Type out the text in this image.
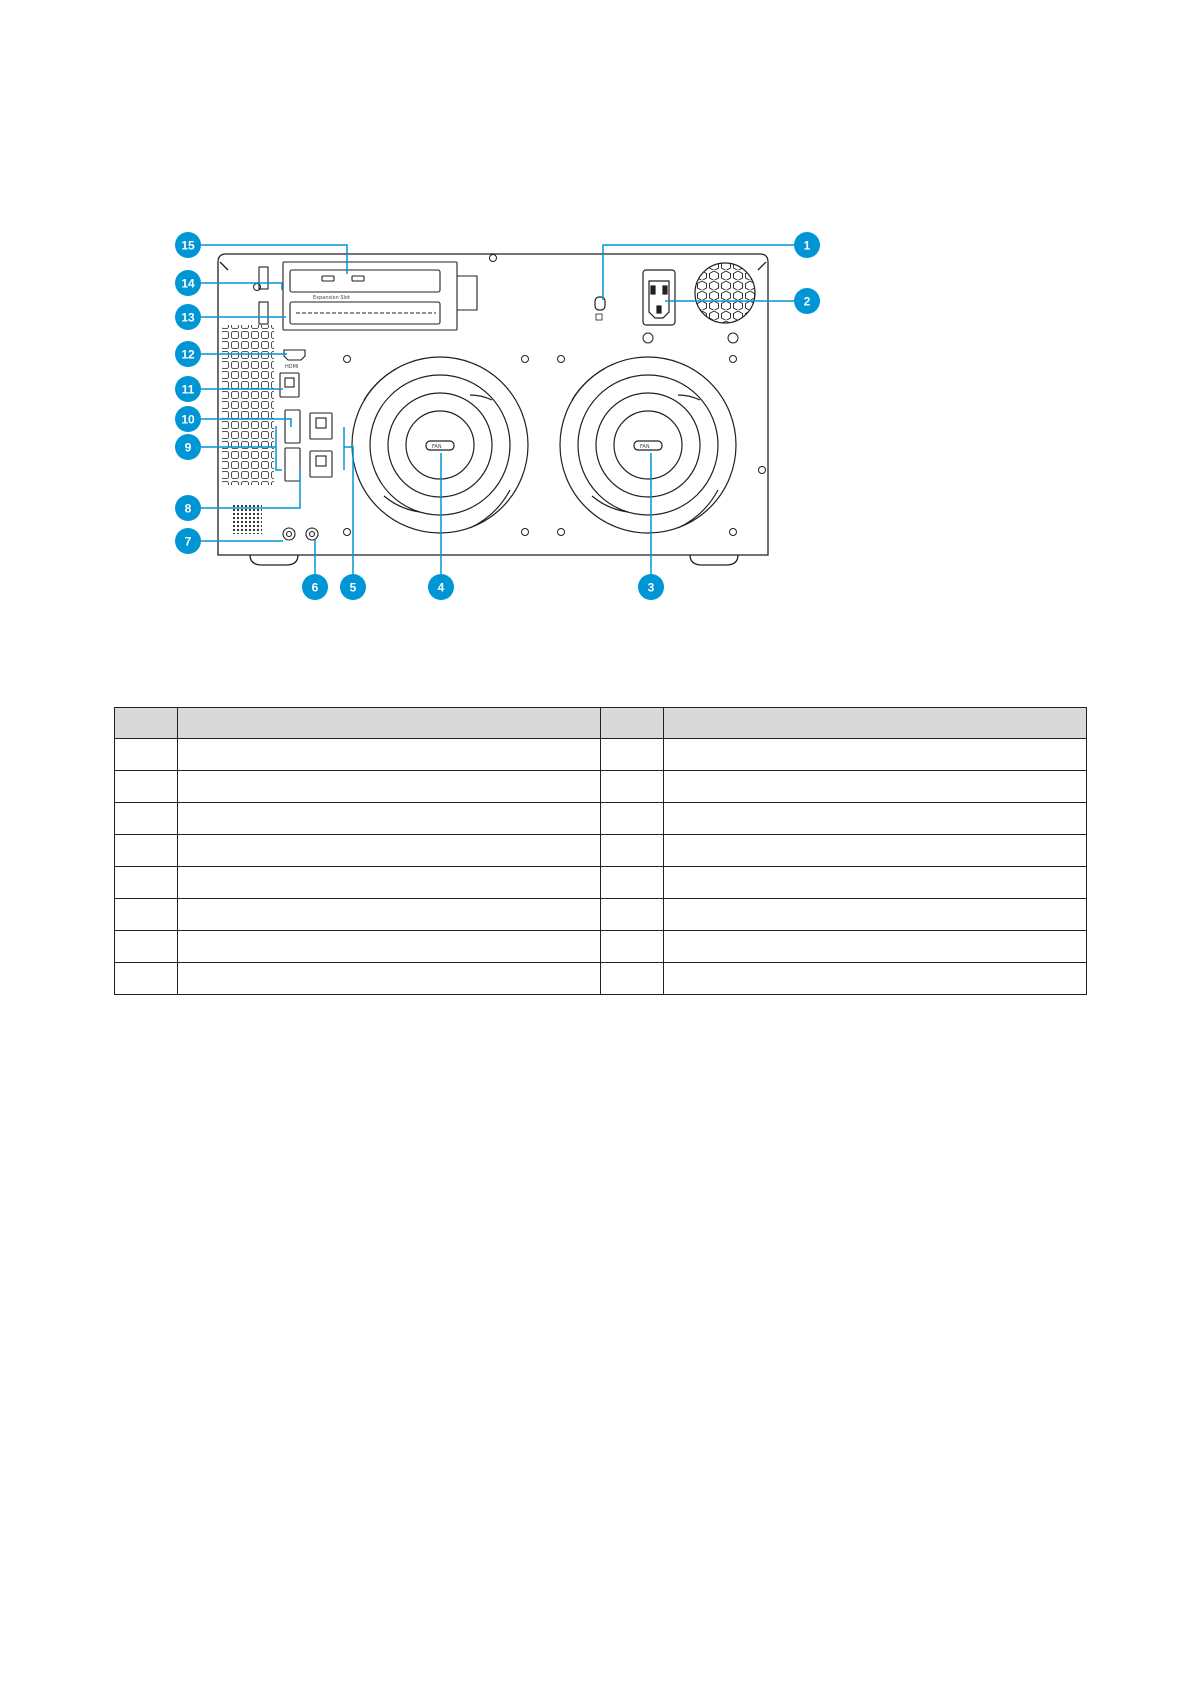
Expansion Slot
HDMI
FAN	FAN
15
14
13
12
11
10
9
8
7
6	5	4	3
1
2
